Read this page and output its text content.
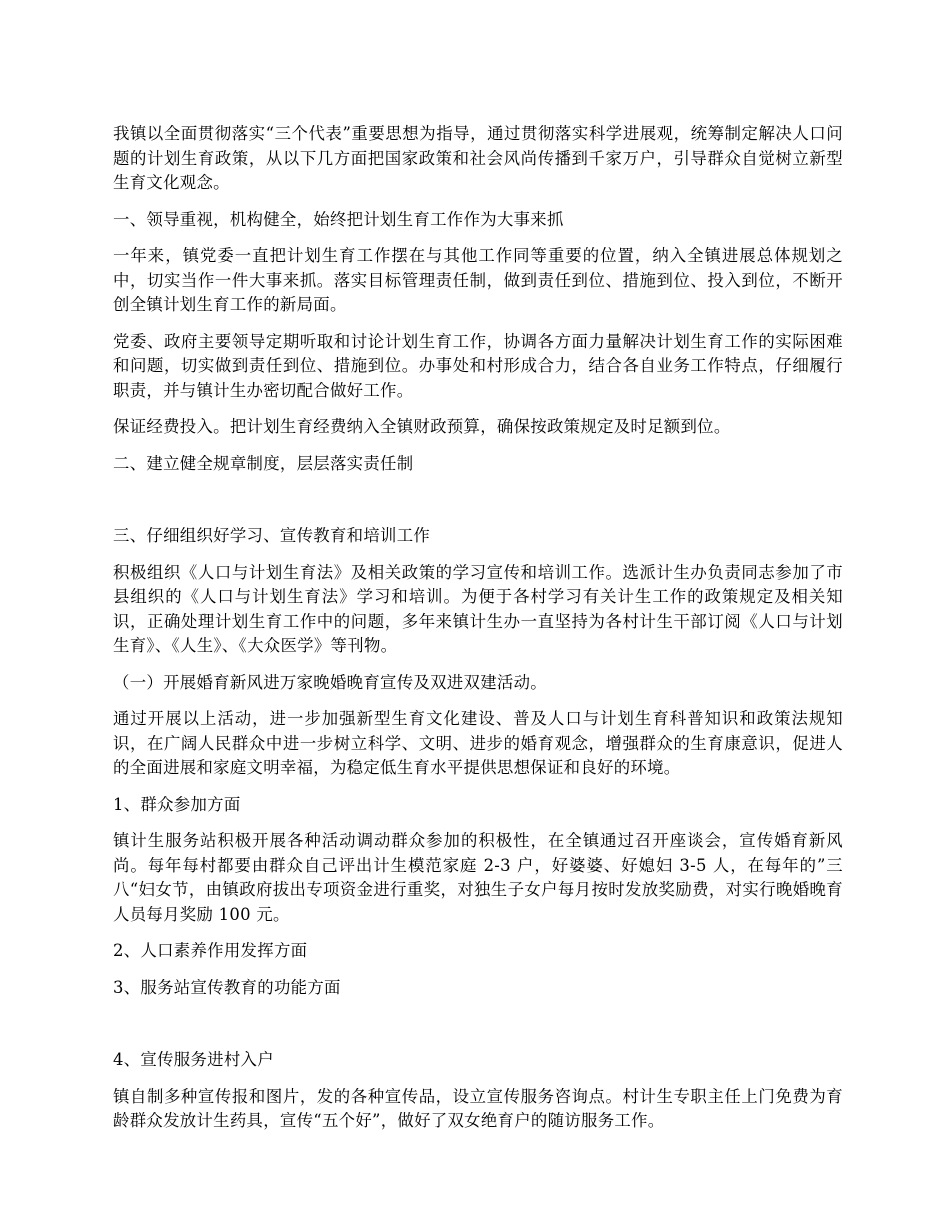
我镇以全面贯彻落实“三个代表”重要思想为指导，通过贯彻落实科学进展观，统筹制定解决人口问题的计划生育政策，从以下几方面把国家政策和社会风尚传播到千家万户，引导群众自觉树立新型生育文化观念。

一、领导重视，机构健全，始终把计划生育工作作为大事来抓

一年来，镇党委一直把计划生育工作摆在与其他工作同等重要的位置，纳入全镇进展总体规划之中，切实当作一件大事来抓。落实目标管理责任制，做到责任到位、措施到位、投入到位，不断开创全镇计划生育工作的新局面。

党委、政府主要领导定期听取和讨论计划生育工作，协调各方面力量解决计划生育工作的实际困难和问题，切实做到责任到位、措施到位。办事处和村形成合力，结合各自业务工作特点，仔细履行职责，并与镇计生办密切配合做好工作。

保证经费投入。把计划生育经费纳入全镇财政预算，确保按政策规定及时足额到位。

二、建立健全规章制度，层层落实责任制

三、仔细组织好学习、宣传教育和培训工作

积极组织《人口与计划生育法》及相关政策的学习宣传和培训工作。选派计生办负责同志参加了市县组织的《人口与计划生育法》学习和培训。为便于各村学习有关计生工作的政策规定及相关知识，正确处理计划生育工作中的问题，多年来镇计生办一直坚持为各村计生干部订阅《人口与计划生育》、《人生》、《大众医学》等刊物。

（一）开展婚育新风进万家晚婚晚育宣传及双进双建活动。

通过开展以上活动，进一步加强新型生育文化建设、普及人口与计划生育科普知识和政策法规知识，在广阔人民群众中进一步树立科学、文明、进步的婚育观念，增强群众的生育康意识，促进人的全面进展和家庭文明幸福，为稳定低生育水平提供思想保证和良好的环境。

1、群众参加方面

镇计生服务站积极开展各种活动调动群众参加的积极性，在全镇通过召开座谈会，宣传婚育新风尚。每年每村都要由群众自己评出计生模范家庭 2-3 户，好婆婆、好媳妇 3-5 人，在每年的”三八“妇女节，由镇政府拔出专项资金进行重奖，对独生子女户每月按时发放奖励费，对实行晚婚晚育人员每月奖励 100 元。

2、人口素养作用发挥方面

3、服务站宣传教育的功能方面

4、宣传服务进村入户

镇自制多种宣传报和图片，发的各种宣传品，设立宣传服务咨询点。村计生专职主任上门免费为育龄群众发放计生药具，宣传“五个好”，做好了双女绝育户的随访服务工作。
